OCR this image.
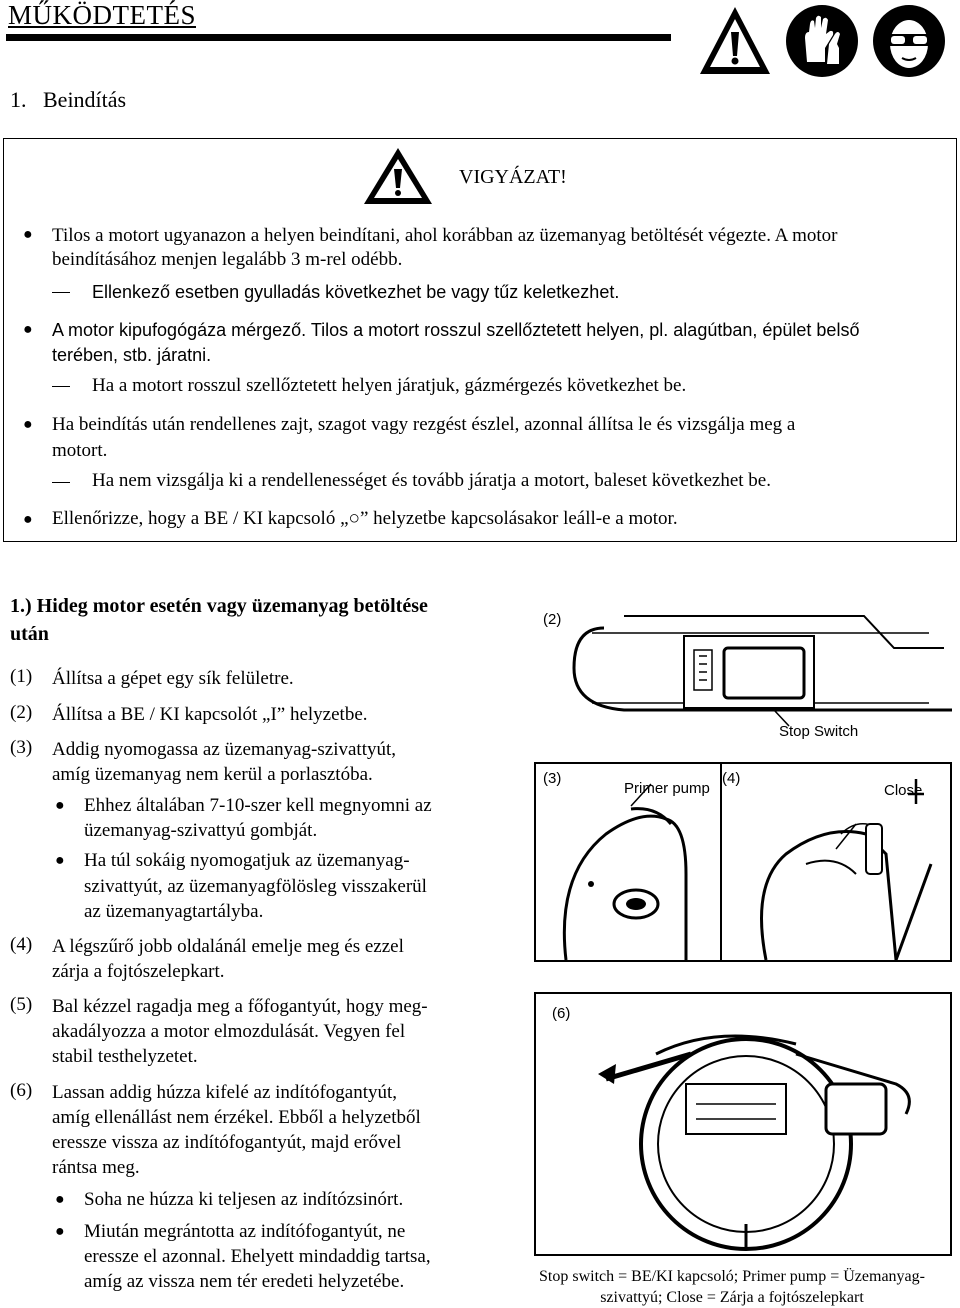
MŰKÖDTETÉS
1.   Beindítás
VIGYÁZAT!
● Tilos a motort ugyanazon a helyen beindítani, ahol korábban az üzemanyag betöltését végezte. A motor
beindításához menjen legalább 3 m-rel odébb.
Ellenkező esetben gyulladás következhet be vagy tűz keletkezhet.
● A motor kipufogógáza mérgező. Tilos a motort rosszul szellőztetett helyen, pl. alagútban, épület belső
terében, stb. járatni.
Ha a motort rosszul szellőztetett helyen járatjuk, gázmérgezés következhet be.
● Ha beindítás után rendellenes zajt, szagot vagy rezgést észlel, azonnal állítsa le és vizsgálja meg a
motort.
Ha nem vizsgálja ki a rendellenességet és tovább járatja a motort, baleset következhet be.
● Ellenőrizze, hogy a BE / KI kapcsoló „○” helyzetbe kapcsolásakor leáll-e a motor.
1.) Hideg motor esetén vagy üzemanyag betöltése
után
(1) Állítsa a gépet egy sík felületre.
(2) Állítsa a BE / KI kapcsolót „I” helyzetbe.
(3) Addig nyomogassa az üzemanyag-szivattyút,
amíg üzemanyag nem kerül a porlasztóba.
● Ehhez általában 7-10-szer kell megnyomni az
üzemanyag-szivattyú gombját.
● Ha túl sokáig nyomogatjuk az üzemanyag-
szivattyút, az üzemanyagfölösleg visszakerül
az üzemanyagtartályba.
(4) A légszűrő jobb oldalánál emelje meg és ezzel
zárja a fojtószelepkart.
(5) Bal kézzel ragadja meg a főfogantyút, hogy meg-
akadályozza a motor elmozdulását. Vegyen fel
stabil testhelyzetet.
(6) Lassan addig húzza kifelé az indítófogantyút,
amíg ellenállást nem érzékel. Ebből a helyzetből
eressze vissza az indítófogantyút, majd erővel
rántsa meg.
● Soha ne húzza ki teljesen az indítózsinórt.
● Miután megrántotta az indítófogantyút, ne
eressze el azonnal. Ehelyett mindaddig tartsa,
amíg az vissza nem tér eredeti helyzetébe.
(2)
Stop Switch
(3)
Primer pump
(4)
Close
(6)
Stop switch = BE/KI kapcsoló; Primer pump = Üzemanyag-
szivattyú; Close = Zárja a fojtószelepkart
